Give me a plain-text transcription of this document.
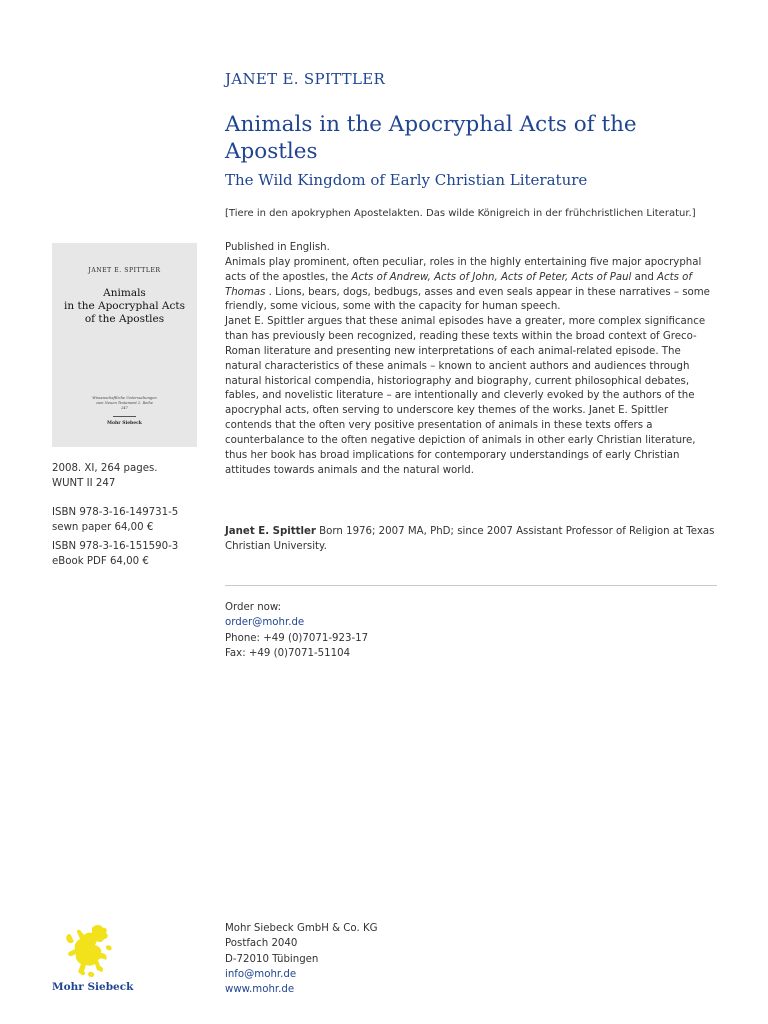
JANET E. SPITTLER
Animals in the Apocryphal Acts of the Apostles
The Wild Kingdom of Early Christian Literature
[Tiere in den apokryphen Apostelakten. Das wilde Königreich in der frühchristlichen Literatur.]

Published in English.

Animals play prominent, often peculiar, roles in the highly entertaining five major apocryphal acts of the apostles, the Acts of Andrew, Acts of John, Acts of Peter, Acts of Paul and Acts of Thomas . Lions, bears, dogs, bedbugs, asses and even seals appear in these narratives – some friendly, some vicious, some with the capacity for human speech.

Janet E. Spittler argues that these animal episodes have a greater, more complex significance than has previously been recognized, reading these texts within the broad context of Greco-Roman literature and presenting new interpretations of each animal-related episode. The natural characteristics of these animals – known to ancient authors and audiences through natural historical compendia, historiography and biography, current philosophical debates, fables, and novelistic literature – are intentionally and cleverly evoked by the authors of the apocryphal acts, often serving to underscore key themes of the works. Janet E. Spittler contends that the often very positive presentation of animals in these texts offers a counterbalance to the often negative depiction of animals in other early Christian literature, thus her book has broad implications for contemporary understandings of early Christian attitudes towards animals and the natural world.

Janet E. Spittler Born 1976; 2007 MA, PhD; since 2007 Assistant Professor of Religion at Texas Christian University.
Order now:
order@mohr.de
Phone: +49 (0)7071-923-17
Fax: +49 (0)7071-51104
Mohr Siebeck GmbH & Co. KG
Postfach 2040
D-72010 Tübingen
info@mohr.de
www.mohr.de
JANET E. SPITTLER
Animals
in the Apocryphal Acts
of the Apostles
Wissenschaftliche Untersuchungen
zum Neuen Testament 2. Reihe
247
Mohr Siebeck
2008. XI, 264 pages.
WUNT II 247
ISBN 978-3-16-149731-5
sewn paper 64,00 €
ISBN 978-3-16-151590-3
eBook PDF 64,00 €
Mohr Siebeck
